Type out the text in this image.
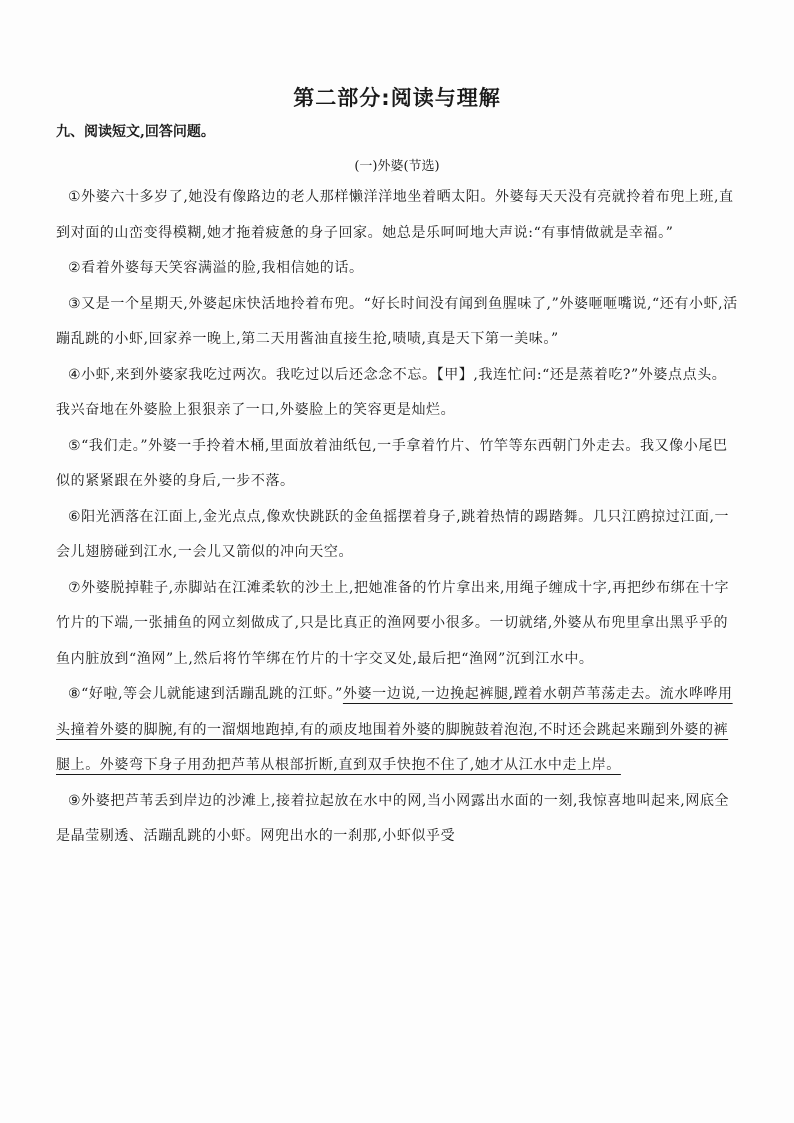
第二部分:阅读与理解
九、阅读短文,回答问题。
(一)外婆(节选)

①外婆六十多岁了,她没有像路边的老人那样懒洋洋地坐着晒太阳。外婆每天天没有亮就拎着布兜上班,直到对面的山峦变得模糊,她才拖着疲惫的身子回家。她总是乐呵呵地大声说:“有事情做就是幸福。”

②看着外婆每天笑容满溢的脸,我相信她的话。

③又是一个星期天,外婆起床快活地拎着布兜。“好长时间没有闻到鱼腥味了,”外婆咂咂嘴说,“还有小虾,活蹦乱跳的小虾,回家养一晚上,第二天用酱油直接生抢,啧啧,真是天下第一美味。”

④小虾,来到外婆家我吃过两次。我吃过以后还念念不忘。【甲】,我连忙问:“还是蒸着吃?”外婆点点头。我兴奋地在外婆脸上狠狠亲了一口,外婆脸上的笑容更是灿烂。

⑤“我们走。”外婆一手拎着木桶,里面放着油纸包,一手拿着竹片、竹竿等东西朝门外走去。我又像小尾巴似的紧紧跟在外婆的身后,一步不落。

⑥阳光洒落在江面上,金光点点,像欢快跳跃的金鱼摇摆着身子,跳着热情的踢踏舞。几只江鸥掠过江面,一会儿翅膀碰到江水,一会儿又箭似的冲向天空。

⑦外婆脱掉鞋子,赤脚站在江滩柔软的沙土上,把她准备的竹片拿出来,用绳子缠成十字,再把纱布绑在十字竹片的下端,一张捕鱼的网立刻做成了,只是比真正的渔网要小很多。一切就绪,外婆从布兜里拿出黑乎乎的鱼内脏放到“渔网”上,然后将竹竿绑在竹片的十字交叉处,最后把“渔网”沉到江水中。

⑧“好啦,等会儿就能逮到活蹦乱跳的江虾。”外婆一边说,一边挽起裤腿,蹚着水朝芦苇荡走去。流水哗哗用头撞着外婆的脚腕,有的一溜烟地跑掉,有的顽皮地围着外婆的脚腕鼓着泡泡,不时还会跳起来蹦到外婆的裤腿上。外婆弯下身子用劲把芦苇从根部折断,直到双手快抱不住了,她才从江水中走上岸。

⑨外婆把芦苇丢到岸边的沙滩上,接着拉起放在水中的网,当小网露出水面的一刻,我惊喜地叫起来,网底全是晶莹剔透、活蹦乱跳的小虾。网兜出水的一刹那,小虾似乎受
